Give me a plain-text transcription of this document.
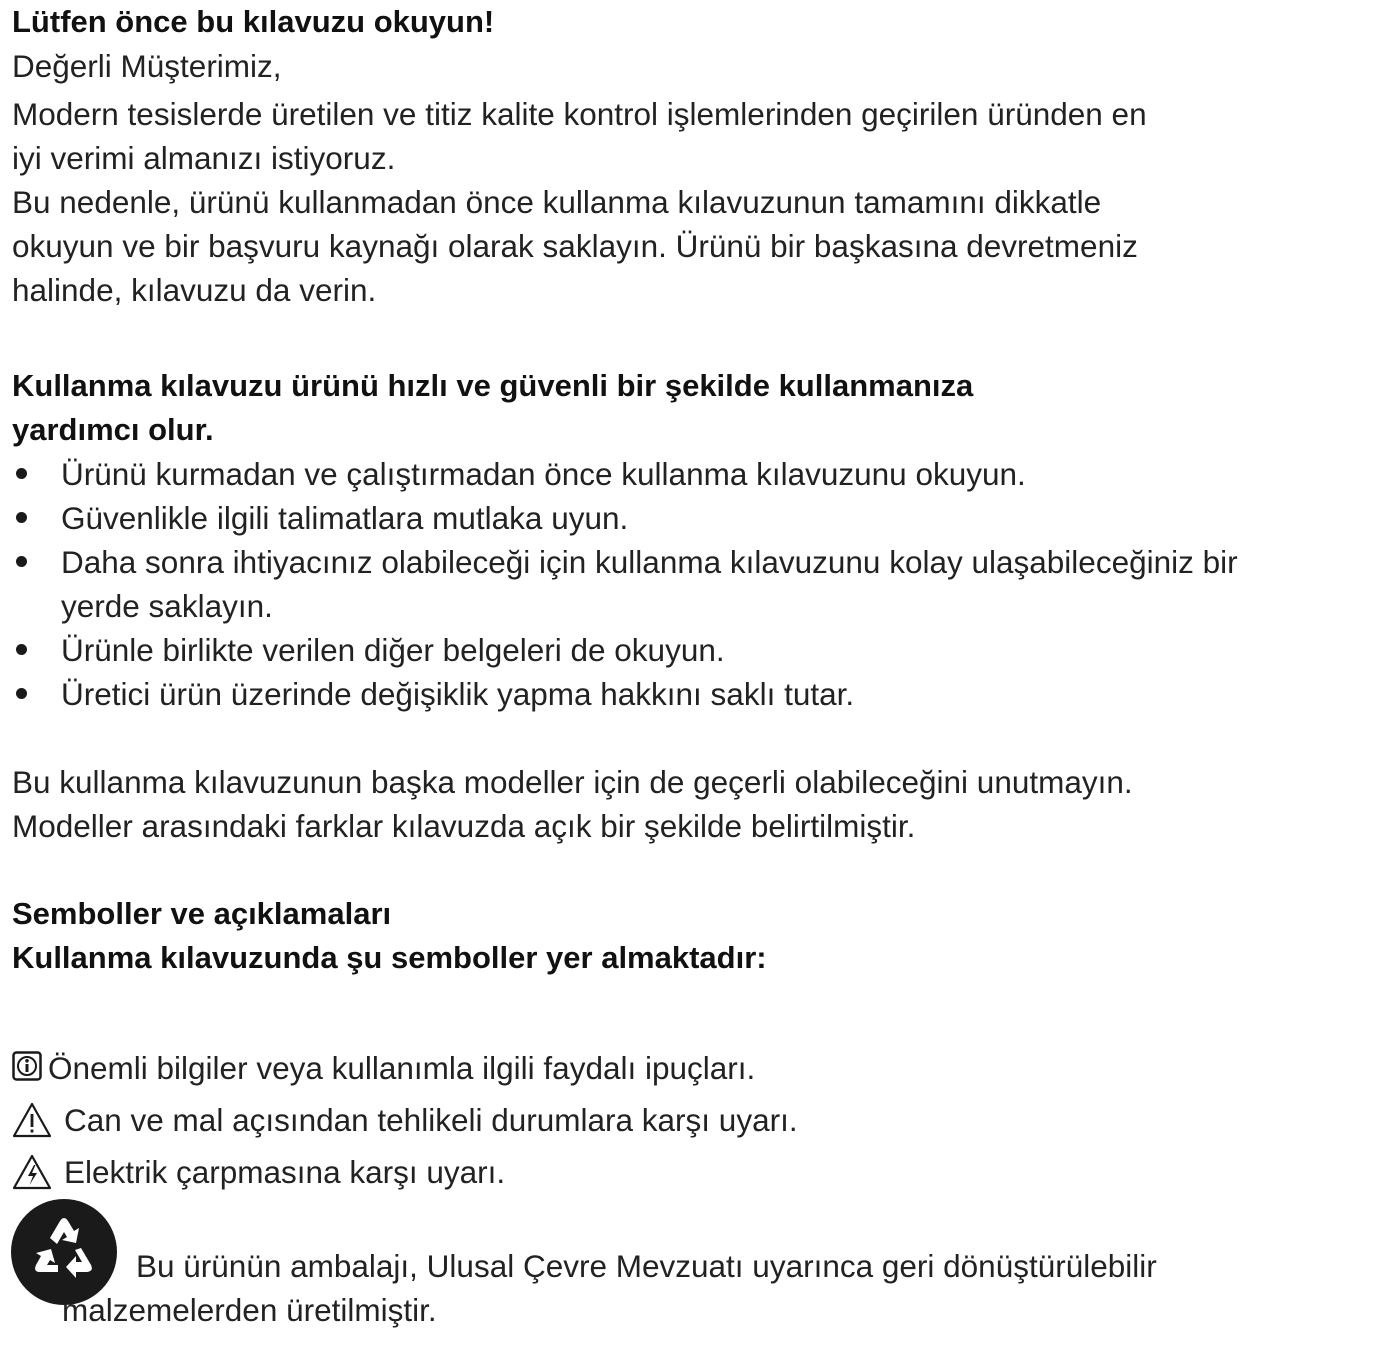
Lütfen önce bu kılavuzu okuyun!

Değerli Müşterimiz,

Modern tesislerde üretilen ve titiz kalite kontrol işlemlerinden geçirilen üründen en

iyi verimi almanızı istiyoruz.

Bu nedenle, ürünü kullanmadan önce kullanma kılavuzunun tamamını dikkatle

okuyun ve bir başvuru kaynağı olarak saklayın. Ürünü bir başkasına devretmeniz

halinde, kılavuzu da verin.

Kullanma kılavuzu ürünü hızlı ve güvenli bir şekilde kullanmanıza

yardımcı olur.

Ürünü kurmadan ve çalıştırmadan önce kullanma kılavuzunu okuyun.
Güvenlikle ilgili talimatlara mutlaka uyun.
Daha sonra ihtiyacınız olabileceği için kullanma kılavuzunu kolay ulaşabileceğiniz bir
yerde saklayın.
Ürünle birlikte verilen diğer belgeleri de okuyun.
Üretici ürün üzerinde değişiklik yapma hakkını saklı tutar.

Bu kullanma kılavuzunun başka modeller için de geçerli olabileceğini unutmayın.

Modeller arasındaki farklar kılavuzda açık bir şekilde belirtilmiştir.

Semboller ve açıklamaları

Kullanma kılavuzunda şu semboller yer almaktadır:

Önemli bilgiler veya kullanımla ilgili faydalı ipuçları.
Can ve mal açısından tehlikeli durumlara karşı uyarı.
Elektrik çarpmasına karşı uyarı.
Bu ürünün ambalajı, Ulusal Çevre Mevzuatı uyarınca geri dönüştürülebilir
malzemelerden üretilmiştir.
